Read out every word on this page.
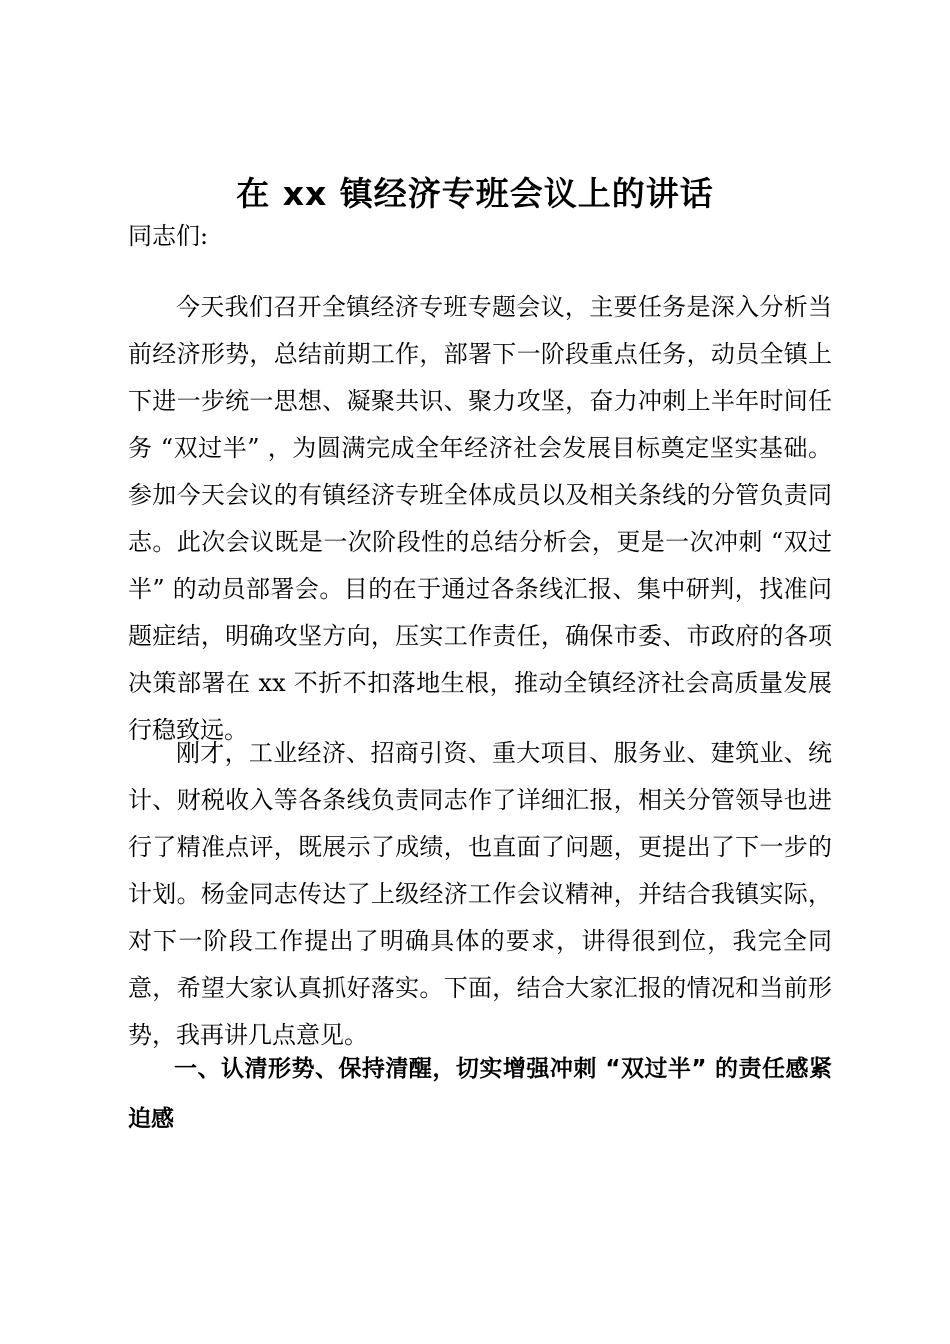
在 xx 镇经济专班会议上的讲话
同志们:

今天我们召开全镇经济专班专题会议，主要任务是深入分析当前经济形势，总结前期工作，部署下一阶段重点任务，动员全镇上下进一步统一思想、凝聚共识、聚力攻坚，奋力冲刺上半年时间任务 “双过半” ，为圆满完成全年经济社会发展目标奠定坚实基础。参加今天会议的有镇经济专班全体成员以及相关条线的分管负责同志。此次会议既是一次阶段性的总结分析会，更是一次冲刺 “双过半” 的动员部署会。目的在于通过各条线汇报、集中研判，找准问题症结，明确攻坚方向，压实工作责任，确保市委、市政府的各项决策部署在 xx 不折不扣落地生根，推动全镇经济社会高质量发展行稳致远。

刚才，工业经济、招商引资、重大项目、服务业、建筑业、统计、财税收入等各条线负责同志作了详细汇报，相关分管领导也进行了精准点评，既展示了成绩，也直面了问题，更提出了下一步的计划。杨金同志传达了上级经济工作会议精神，并结合我镇实际，对下一阶段工作提出了明确具体的要求，讲得很到位，我完全同意，希望大家认真抓好落实。下面，结合大家汇报的情况和当前形势，我再讲几点意见。

一、认清形势、保持清醒，切实增强冲刺 “双过半” 的责任感紧迫感
